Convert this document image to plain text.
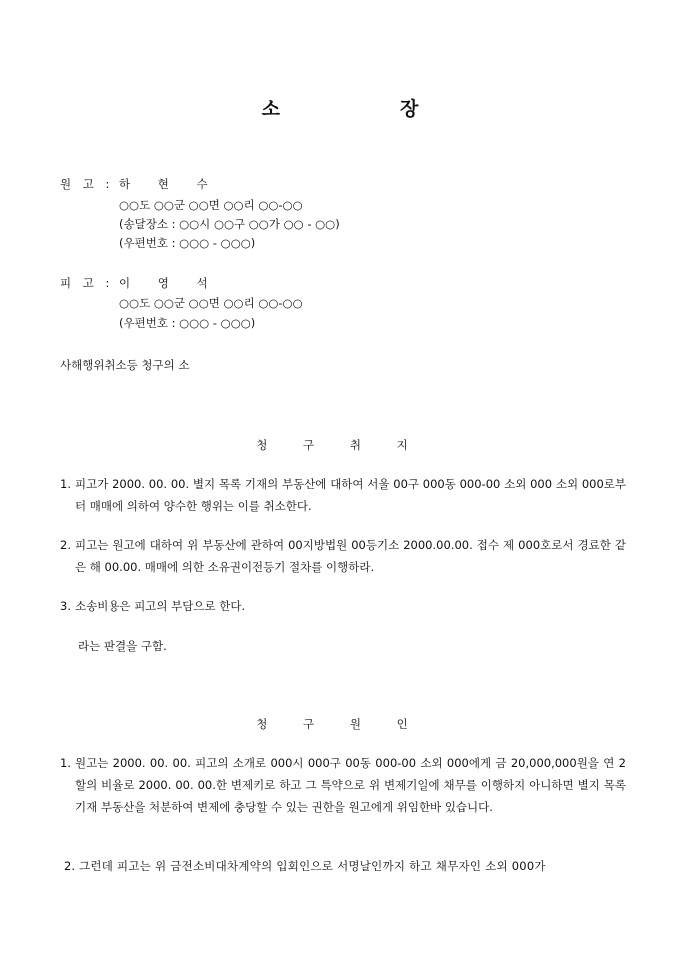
소	장
원 고 : 하 현 수
○○도 ○○군 ○○면 ○○리 ○○-○○
(송달장소 : ○○시 ○○구 ○○가 ○○ - ○○)
(우편번호 : ○○○ - ○○○)
피 고 : 이 영 석
○○도 ○○군 ○○면 ○○리 ○○-○○
(우편번호 : ○○○ - ○○○)
사해행위취소등 청구의 소
청 구 취 지
1. 피고가 2000. 00. 00. 별지 목록 기재의 부동산에 대하여 서울 00구 000동 000-00 소외 000 소외 000로부터 매매에 의하여 양수한 행위는 이를 취소한다.
2. 피고는 원고에 대하여 위 부동산에 관하여 00지방법원 00등기소 2000.00.00. 접수 제 000호로서 경료한 같은 해 00.00. 매매에 의한 소유권이전등기 절차를 이행하라.
3. 소송비용은 피고의 부담으로 한다.
라는 판결을 구함.
청 구 원 인
1. 원고는 2000. 00. 00. 피고의 소개로 000시 000구 00동 000-00 소외 000에게 금 20,000,000원을 연 2할의 비율로 2000. 00. 00.한 변제키로 하고 그 특약으로 위 변제기일에 채무를 이행하지 아니하면 별지 목록 기재 부동산을 처분하여 변제에 충당할 수 있는 권한을 원고에게 위임한바 있습니다.
2. 그런데 피고는 위 금전소비대차계약의 입회인으로 서명날인까지 하고 채무자인 소외 000가
